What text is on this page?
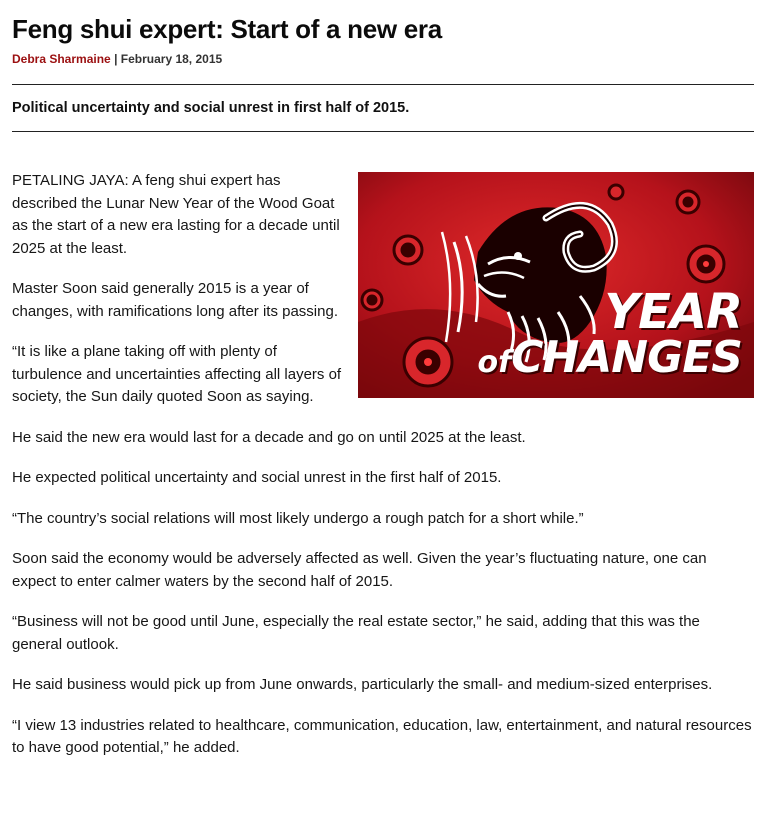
Feng shui expert: Start of a new era
Debra Sharmaine | February 18, 2015
Political uncertainty and social unrest in first half of 2015.
YEAR
ofCHANGES

PETALING JAYA: A feng shui expert has described the Lunar New Year of the Wood Goat as the start of a new era lasting for a decade until 2025 at the least.

Master Soon said generally 2015 is a year of changes, with ramifications long after its passing.

“It is like a plane taking off with plenty of turbulence and uncertainties affecting all layers of society, the Sun daily quoted Soon as saying.

He said the new era would last for a decade and go on until 2025 at the least.

He expected political uncertainty and social unrest in the first half of 2015.

“The country’s social relations will most likely undergo a rough patch for a short while.”

Soon said the economy would be adversely affected as well. Given the year’s fluctuating nature, one can expect to enter calmer waters by the second half of 2015.

“Business will not be good until June, especially the real estate sector,” he said, adding that this was the general outlook.

He said business would pick up from June onwards, particularly the small- and medium-sized enterprises.

“I view 13 industries related to healthcare, communication, education, law, entertainment, and natural resources to have good potential,” he added.
